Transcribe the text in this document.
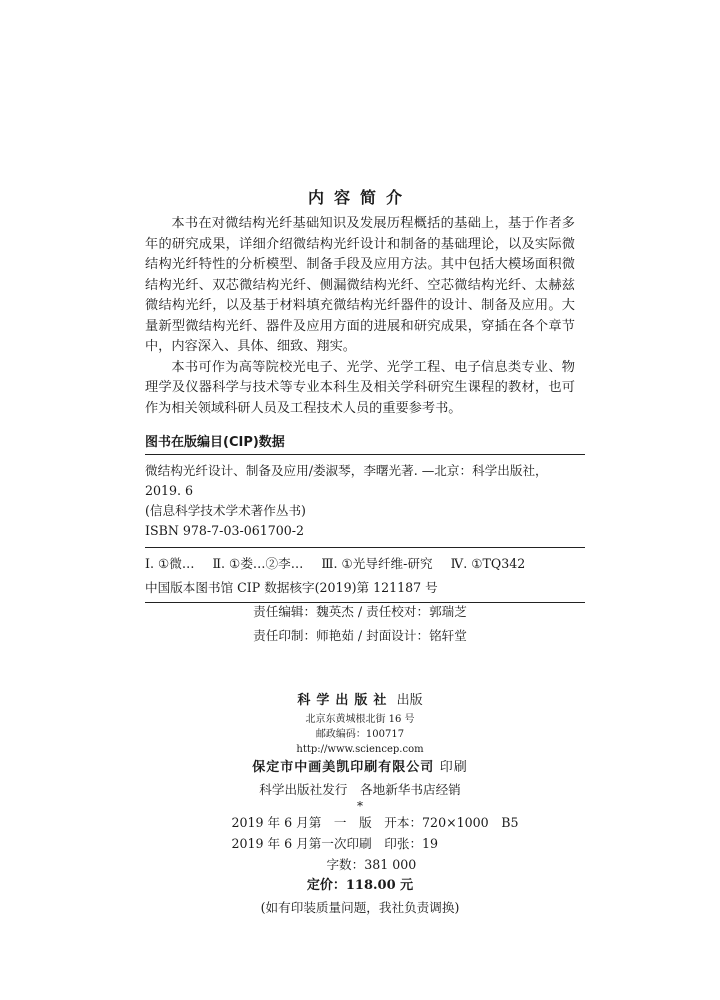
内容简介

本书在对微结构光纤基础知识及发展历程概括的基础上，基于作者多年的研究成果，详细介绍微结构光纤设计和制备的基础理论，以及实际微结构光纤特性的分析模型、制备手段及应用方法。其中包括大模场面积微结构光纤、双芯微结构光纤、侧漏微结构光纤、空芯微结构光纤、太赫兹微结构光纤，以及基于材料填充微结构光纤器件的设计、制备及应用。大量新型微结构光纤、器件及应用方面的进展和研究成果，穿插在各个章节中，内容深入、具体、细致、翔实。

本书可作为高等院校光电子、光学、光学工程、电子信息类专业、物理学及仪器科学与技术等专业本科生及相关学科研究生课程的教材，也可作为相关领域科研人员及工程技术人员的重要参考书。

图书在版编目(CIP)数据
微结构光纤设计、制备及应用/娄淑琴，李曙光著. —北京：科学出版社，
2019. 6
(信息科学技术学术著作丛书)
ISBN 978-7-03-061700-2
Ⅰ. ①微… Ⅱ. ①娄…②李… Ⅲ. ①光导纤维-研究 Ⅳ. ①TQ342
中国版本图书馆 CIP 数据核字(2019)第 121187 号
责任编辑：魏英杰 / 责任校对：郭瑞芝
责任印制：师艳茹 / 封面设计：铭轩堂
科学出版社 出版
北京东黄城根北街 16 号
邮政编码：100717
http://www.sciencep.com
保定市中画美凯印刷有限公司 印刷
科学出版社发行　各地新华书店经销
*
2019 年 6 月第　一　版　开本：720×1000　B5
2019 年 6 月第一次印刷　印张：19
字数：381 000
定价：118.00 元
(如有印装质量问题，我社负责调换)
